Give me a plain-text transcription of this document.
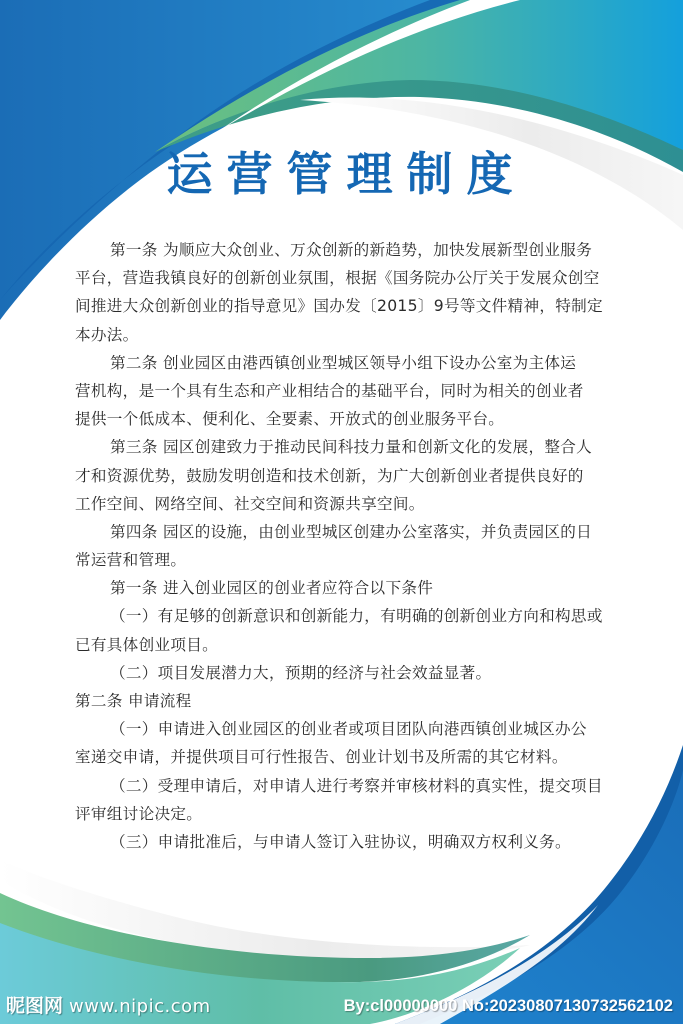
运营管理制度
第一条 为顺应大众创业、万众创新的新趋势，加快发展新型创业服务
平台，营造我镇良好的创新创业氛围，根据《国务院办公厅关于发展众创空
间推进大众创新创业的指导意见》国办发〔2015〕9号等文件精神，特制定
本办法。
第二条 创业园区由港西镇创业型城区领导小组下设办公室为主体运
营机构，是一个具有生态和产业相结合的基础平台，同时为相关的创业者
提供一个低成本、便利化、全要素、开放式的创业服务平台。
第三条 园区创建致力于推动民间科技力量和创新文化的发展，整合人
才和资源优势，鼓励发明创造和技术创新，为广大创新创业者提供良好的
工作空间、网络空间、社交空间和资源共享空间。
第四条 园区的设施，由创业型城区创建办公室落实，并负责园区的日
常运营和管理。
第一条 进入创业园区的创业者应符合以下条件
（一）有足够的创新意识和创新能力，有明确的创新创业方向和构思或
已有具体创业项目。
（二）项目发展潜力大，预期的经济与社会效益显著。
第二条 申请流程
（一）申请进入创业园区的创业者或项目团队向港西镇创业城区办公
室递交申请，并提供项目可行性报告、创业计划书及所需的其它材料。
（二）受理申请后，对申请人进行考察并审核材料的真实性，提交项目
评审组讨论决定。
（三）申请批准后，与申请人签订入驻协议，明确双方权利义务。
昵图网 www.nipic.com	By:cl00000000 No:20230807130732562102
